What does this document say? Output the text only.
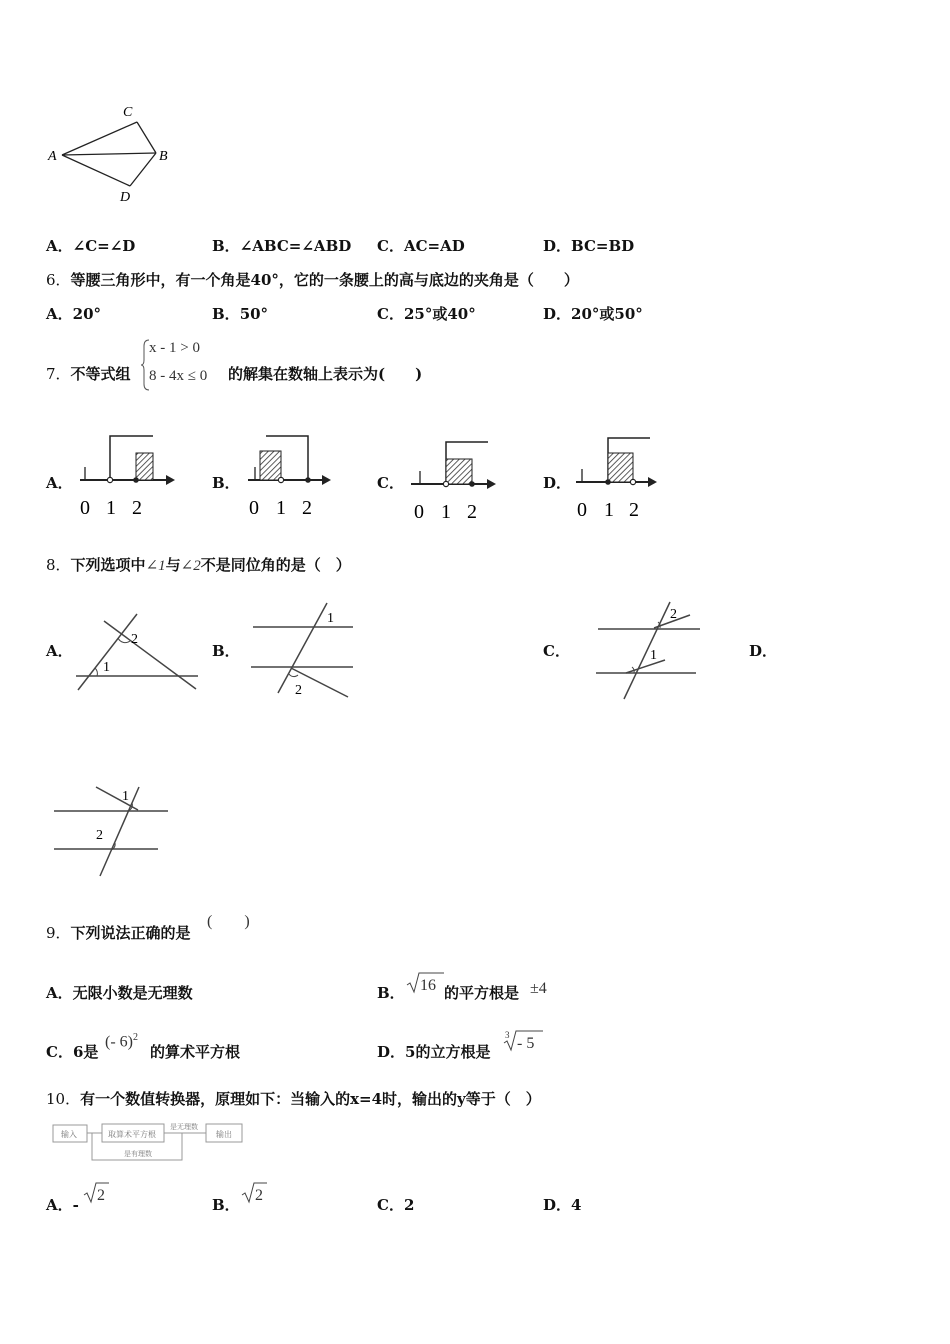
C
A	B
D
A．∠C=∠D	B．∠ABC=∠ABD C．AC=AD	D．BC=BD
6．等腰三角形中，有一个角是40°，它的一条腰上的高与底边的夹角是（　　）
A．20°	B．50°	C．25°或40°	D．20°或50°
7．不等式组
x - 1 > 0
8 - 4x ≤ 0 的解集在数轴上表示为(　　)
A．
0 1 2
B．
0 1 2
C．
0 1 2
D．
0 1 2
8．下列选项中∠1与∠2不是同位角的是（　）
A．
2
1
B．
1
2
C．
2
1	D．
1
2
9．下列说法正确的是
(　　)
A．无限小数是无理数	B． 16 的平方根是 ±4
C．6是
(- 6)$^2$
的算术平方根	D．5的立方根是
3 - 5
10．有一个数值转换器，原理如下：当输入的x=4时，输出的y等于（　）
输入	取算术平方根
是无理数
输出
是有理数
A．-
2
B．
2
C．2	D．4
